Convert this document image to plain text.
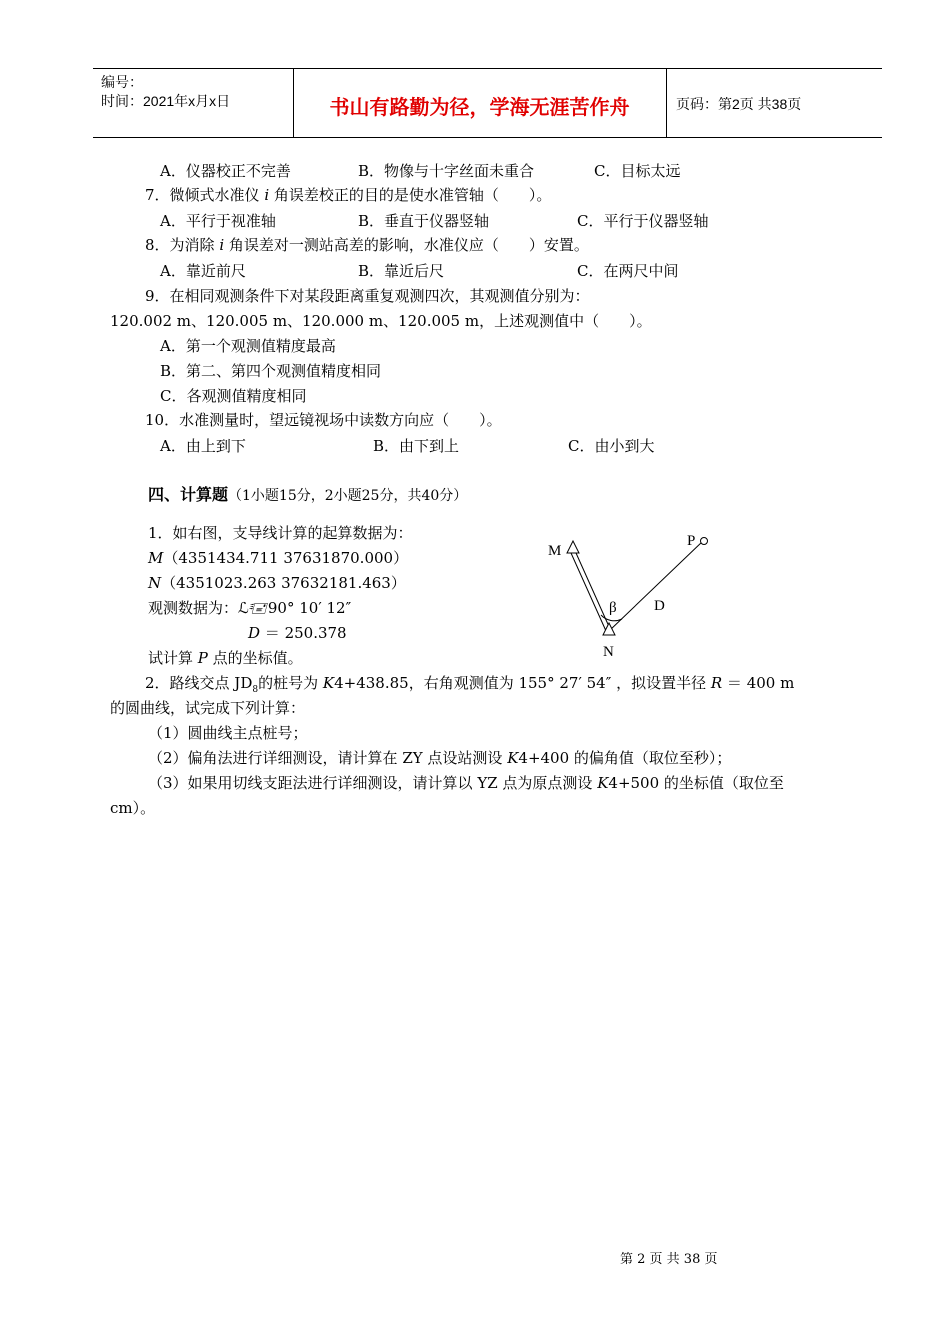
编号：
时间：2021年x月x日	书山有路勤为径，学海无涯苦作舟	页码：第2页 共38页
A．仪器校正不完善	B．物像与十字丝面未重合	C．目标太远
7．微倾式水准仪 i 角误差校正的目的是使水准管轴（　　）。
A．平行于视准轴	B．垂直于仪器竖轴	C．平行于仪器竖轴
8．为消除 i 角误差对一测站高差的影响，水准仪应（　　）安置。
A．靠近前尺	B．靠近后尺	C．在两尺中间
9．在相同观测条件下对某段距离重复观测四次，其观测值分别为：
120.002 m、120.005 m、120.000 m、120.005 m，上述观测值中（　　）。
A．第一个观测值精度最高
B．第二、第四个观测值精度相同
C．各观测值精度相同
10．水准测量时，望远镜视场中读数方向应（　　）。
A．由上到下	B．由下到上	C．由小到大
四、计算题（1小题15分，2小题25分，共40分）
1．如右图，支导线计算的起算数据为：
M（4351434.711 37631870.000）
N（4351023.263 37632181.463）
观测数据为：ℒ🖅90° 10′ 12″
D ＝ 250.378
试计算 P 点的坐标值。
M
N
P
β D
2．路线交点 $JD_8$的桩号为 K4+438.85，右角观测值为 155° 27′ 54″ ，拟设置半径 R ＝ 400 m
的圆曲线，试完成下列计算：
（1）圆曲线主点桩号；
（2）偏角法进行详细测设，请计算在 ZY 点设站测设 K4+400 的偏角值（取位至秒）；
（3）如果用切线支距法进行详细测设，请计算以 YZ 点为原点测设 K4+500 的坐标值（取位至
cm）。
第 2 页 共 38 页
